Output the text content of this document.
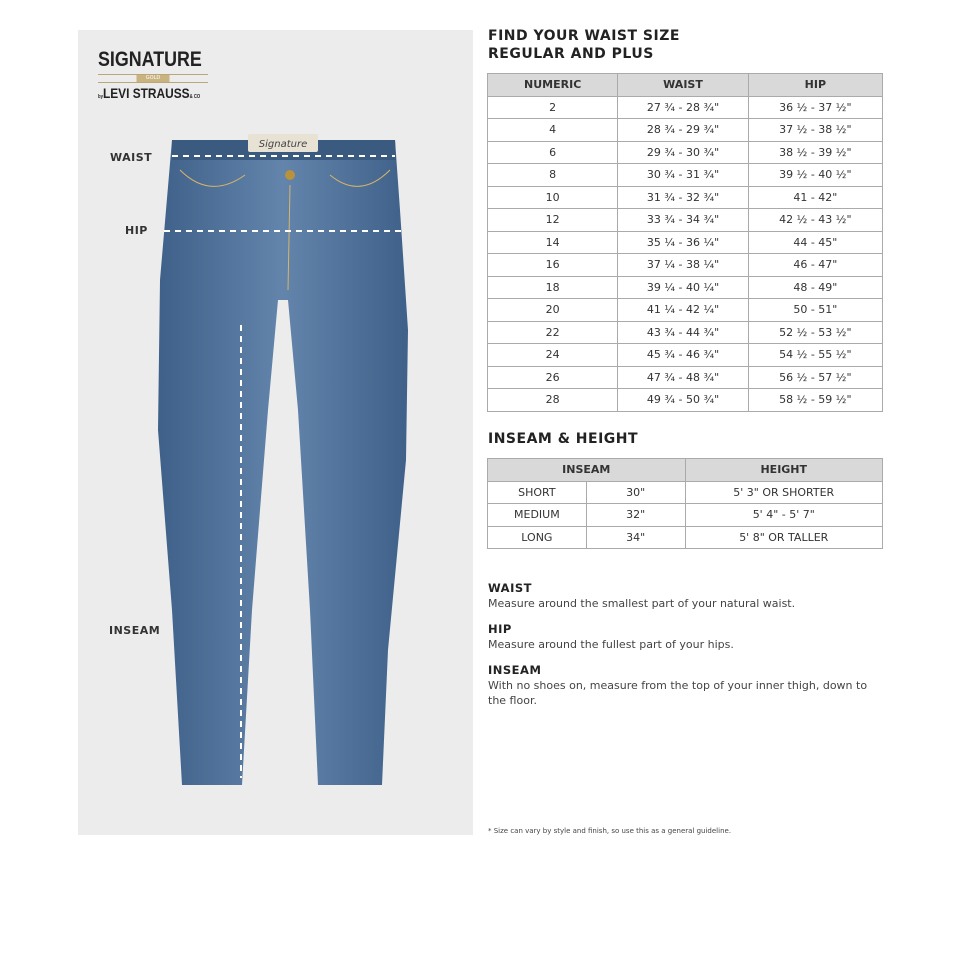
SIGNATURE
GOLD
byLEVI STRAUSS& CO
WAIST
HIP
INSEAM
Signature
FIND YOUR WAIST SIZE
REGULAR AND PLUS
NUMERIC	WAIST	HIP
2	27 ¾ - 28 ¾"	36 ½ - 37 ½"
4	28 ¾ - 29 ¾"	37 ½ - 38 ½"
6	29 ¾ - 30 ¾"	38 ½ - 39 ½"
8	30 ¾ - 31 ¾"	39 ½ - 40 ½"
10	31 ¾ - 32 ¾"	41 - 42"
12	33 ¾ - 34 ¾"	42 ½ - 43 ½"
14	35 ¼ - 36 ¼"	44 - 45"
16	37 ¼ - 38 ¼"	46 - 47"
18	39 ¼ - 40 ¼"	48 - 49"
20	41 ¼ - 42 ¼"	50 - 51"
22	43 ¾ - 44 ¾"	52 ½ - 53 ½"
24	45 ¾ - 46 ¾"	54 ½ - 55 ½"
26	47 ¾ - 48 ¾"	56 ½ - 57 ½"
28	49 ¾ - 50 ¾"	58 ½ - 59 ½"
INSEAM & HEIGHT
INSEAM		HEIGHT
SHORT	30"	5' 3" OR SHORTER
MEDIUM	32"	5' 4" - 5' 7"
LONG	34"	5' 8" OR TALLER
WAIST
Measure around the smallest part of your natural waist.
HIP
Measure around the fullest part of your hips.
INSEAM
With no shoes on, measure from the top of your inner thigh, down to the floor.
* Size can vary by style and finish, so use this as a general guideline.
